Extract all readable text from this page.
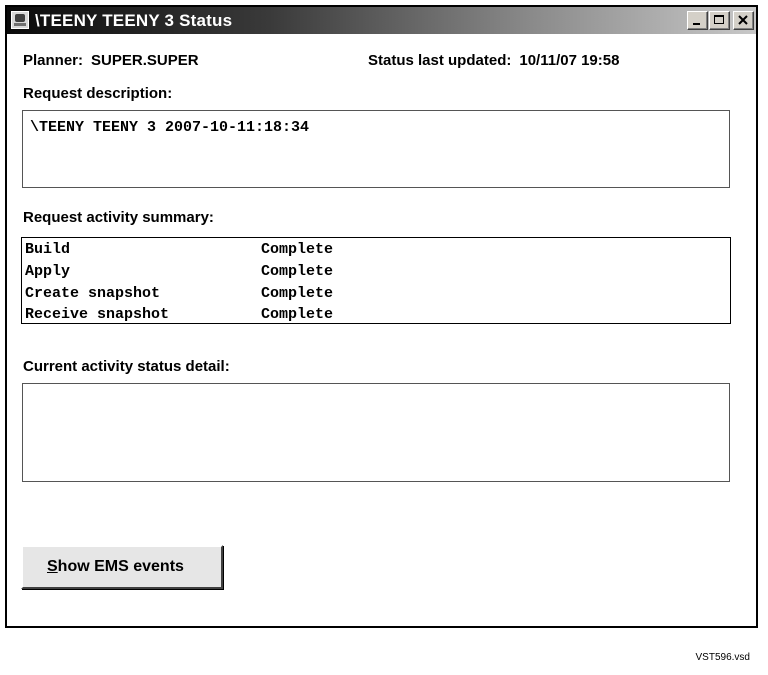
\TEENY TEENY 3 Status
Planner: SUPER.SUPER	Status last updated: 10/11/07 19:58
Request description:
\TEENY TEENY 3 2007-10-11:18:34
Request activity summary:
Build	Complete
Apply	Complete
Create snapshot	Complete
Receive snapshot	Complete
Current activity status detail:
Show EMS events
VST596.vsd
